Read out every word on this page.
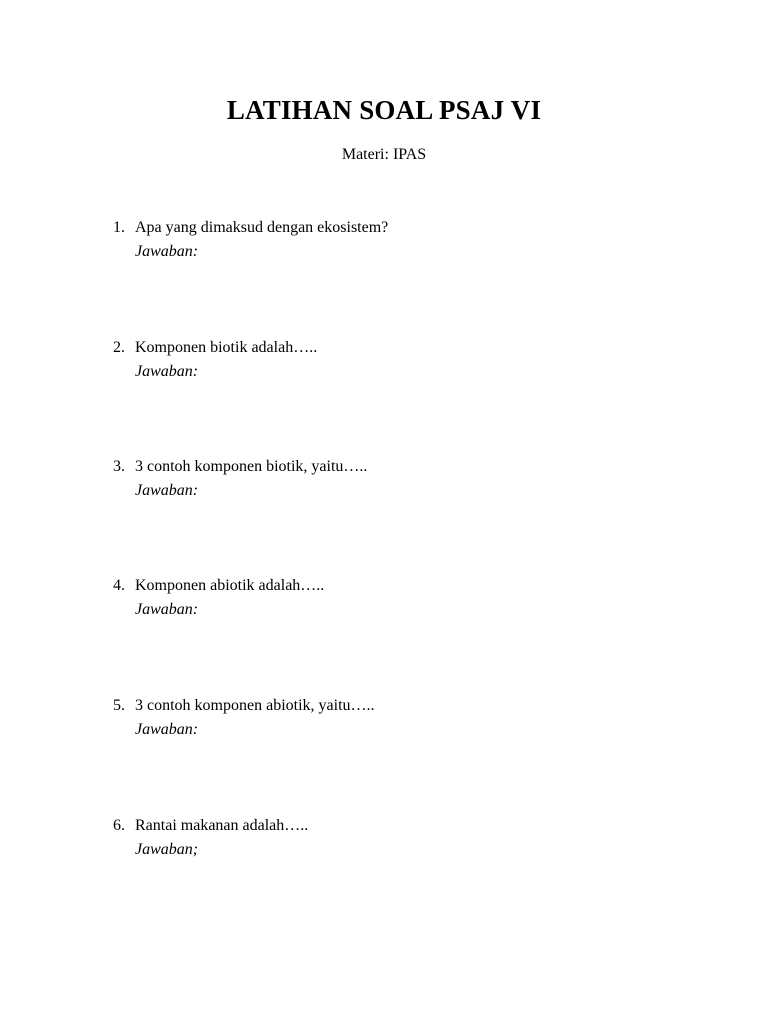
LATIHAN SOAL PSAJ VI
Materi: IPAS
1. Apa yang dimaksud dengan ekosistem?
Jawaban:
2. Komponen biotik adalah…..
Jawaban:
3. 3 contoh komponen biotik, yaitu…..
Jawaban:
4. Komponen abiotik adalah…..
Jawaban:
5. 3 contoh komponen abiotik, yaitu…..
Jawaban:
6. Rantai makanan adalah…..
Jawaban;
